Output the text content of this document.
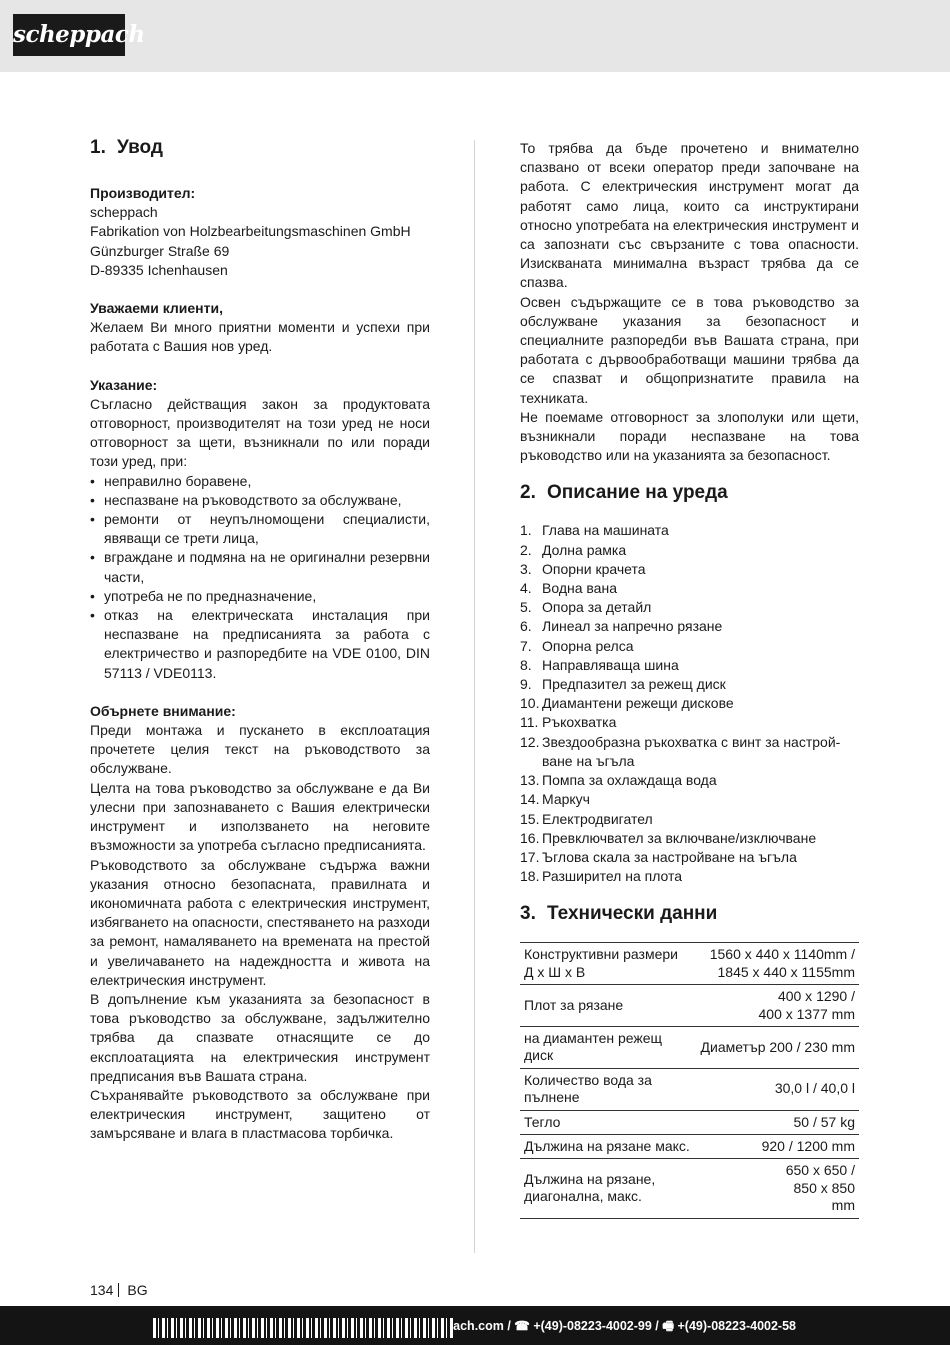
scheppach
1. Увод
Производител:
scheppach
Fabrikation von Holzbearbeitungsmaschinen GmbH
Günzburger Straße 69
D-89335 Ichenhausen
Уважаеми клиенти,

Желаем Ви много приятни моменти и успехи при работата с Вашия нов уред.

Указание:

Съгласно действащия закон за продуктовата отговорност, производителят на този уред не носи отговорност за щети, възникнали по или поради този уред, при:

• неправилно боравене,
• неспазване на ръководството за обслужване,
• ремонти от неупълномощени специалисти, явяващи се трети лица,
• вграждане и подмяна на не оригинални резервни части,
• употреба не по предназначение,
• отказ на електрическата инсталация при неспазване на предписанията за работа с електричество и разпоредбите на VDE 0100, DIN 57113 / VDE0113.
Обърнете внимание:

Преди монтажа и пускането в експлоатация прочетете целия текст на ръководството за обслужване.

Целта на това ръководство за обслужване е да Ви улесни при запознаването с Вашия електрически инструмент и използването на неговите възможности за употреба съгласно предписанията.

Ръководството за обслужване съдържа важни указания относно безопасната, правилната и икономичната работа с електрическия инструмент, избягването на опасности, спестяването на разходи за ремонт, намаляването на времената на престой и увеличаването на надеждността и живота на електрическия инструмент.

В допълнение към указанията за безопасност в това ръководство за обслужване, задължително трябва да спазвате отнасящите се до експлоатацията на електрическия инструмент предписания във Вашата страна.

Съхранявайте ръководството за обслужване при електрическия инструмент, защитено от замърсяване и влага в пластмасова торбичка.

То трябва да бъде прочетено и внимателно спазвано от всеки оператор преди започване на работа. С електрическия инструмент могат да работят само лица, които са инструктирани относно употребата на електрическия инструмент и са запознати със свързаните с това опасности. Изискваната минимална възраст трябва да се спазва.

Освен съдържащите се в това ръководство за обслужване указания за безопасност и специалните разпоредби във Вашата страна, при работата с дървообработващи машини трябва да се спазват и общопризнатите правила на техниката.

Не поемаме отговорност за злополуки или щети, възникнали поради неспазване на това ръководство или на указанията за безопасност.

2. Описание на уреда
1. Глава на машината
2. Долна рамка
3. Опорни крачета
4. Водна вана
5. Опора за детайл
6. Линеал за напречно рязане
7. Опорна релса
8. Направляваща шина
9. Предпазител за режещ диск
10. Диамантени режещи дискове
11. Ръкохватка
12. Звездообразна ръкохватка с винт за настрой-ване на ъгъла
13. Помпа за охлаждаща вода
14. Маркуч
15. Електродвигател
16. Превключвател за включване/изключване
17. Ъглова скала за настройване на ъгъла
18. Разширител на плота
3. Технически данни
Конструктивни размери Д x Ш x В	1560 x 440 x 1140mm / 1845 x 440 x 1155mm
Плот за рязане	400 x 1290 / 400 x 1377 mm

на диамантен режещ диск	Диаметър 200 / 230 mm
Количество вода за пълнене	30,0 l / 40,0 l
Тегло	50 / 57 kg
Дължина на рязане макс.	920 / 1200 mm
Дължина на рязане, диагонална, макс.	650 x 650 / 850 x 850 mm
134 BG
ach.com / ☎ +(49)-08223-4002-99 / 🖷 +(49)-08223-4002-58
